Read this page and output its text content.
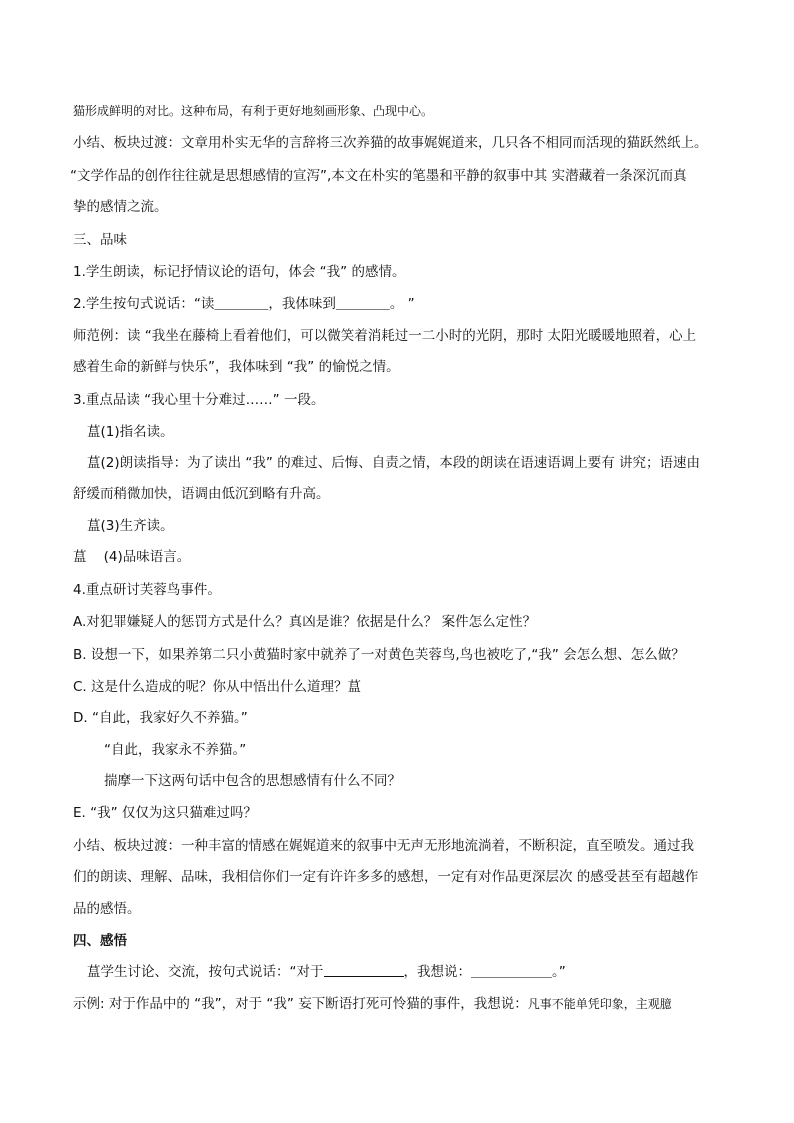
猫形成鲜明的对比。这种布局，有利于更好地刻画形象、凸现中心。
小结、板块过渡：文章用朴实无华的言辞将三次养猫的故事娓娓道来，几只各不相同而活现的猫跃然纸上。
“文学作品的创作往往就是思想感情的宣泻”,本文在朴实的笔墨和平静的叙事中其 实潜藏着一条深沉而真
挚的感情之流。
三、品味
1.学生朗读，标记抒情议论的语句，体会 “我” 的感情。
2.学生按句式说话：“读＿＿＿＿，我体味到＿＿＿＿。 ”
师范例：读 “我坐在藤椅上看着他们，可以微笑着消耗过一二小时的光阴，那时 太阳光暖暖地照着，心上
感着生命的新鲜与快乐”，我体味到 “我” 的愉悦之情。
3.重点品读 “我心里十分难过……” 一段。
蒀(1)指名读。
蒀(2)朗读指导：为了读出 “我” 的难过、后悔、自责之情，本段的朗读在语速语调上要有 讲究；语速由
舒缓而稍微加快，语调由低沉到略有升高。
蒀(3)生齐读。
蒀    (4)品味语言。
4.重点研讨芙蓉鸟事件。
A.对犯罪嫌疑人的惩罚方式是什么？真凶是谁？依据是什么？ 案件怎么定性？
B. 设想一下，如果养第二只小黄猫时家中就养了一对黄色芙蓉鸟,鸟也被吃了,“我” 会怎么想、怎么做？
C. 这是什么造成的呢？你从中悟出什么道理？蒀
D. “自此，我家好久不养猫。”
“自此，我家永不养猫。”
揣摩一下这两句话中包含的思想感情有什么不同？
E. “我” 仅仅为这只猫难过吗？
小结、板块过渡：一种丰富的情感在娓娓道来的叙事中无声无形地流淌着，不断积淀，直至喷发。通过我
们的朗读、理解、品味，我相信你们一定有许许多多的感想，一定有对作品更深层次 的感受甚至有超越作
品的感悟。
四、感悟
蒀学生讨论、交流，按句式说话：“对于	，我想说：＿＿＿＿＿＿。”
示例: 对于作品中的 “我”，对于 “我” 妄下断语打死可怜猫的事件，我想说：凡事不能单凭印象，主观臆
